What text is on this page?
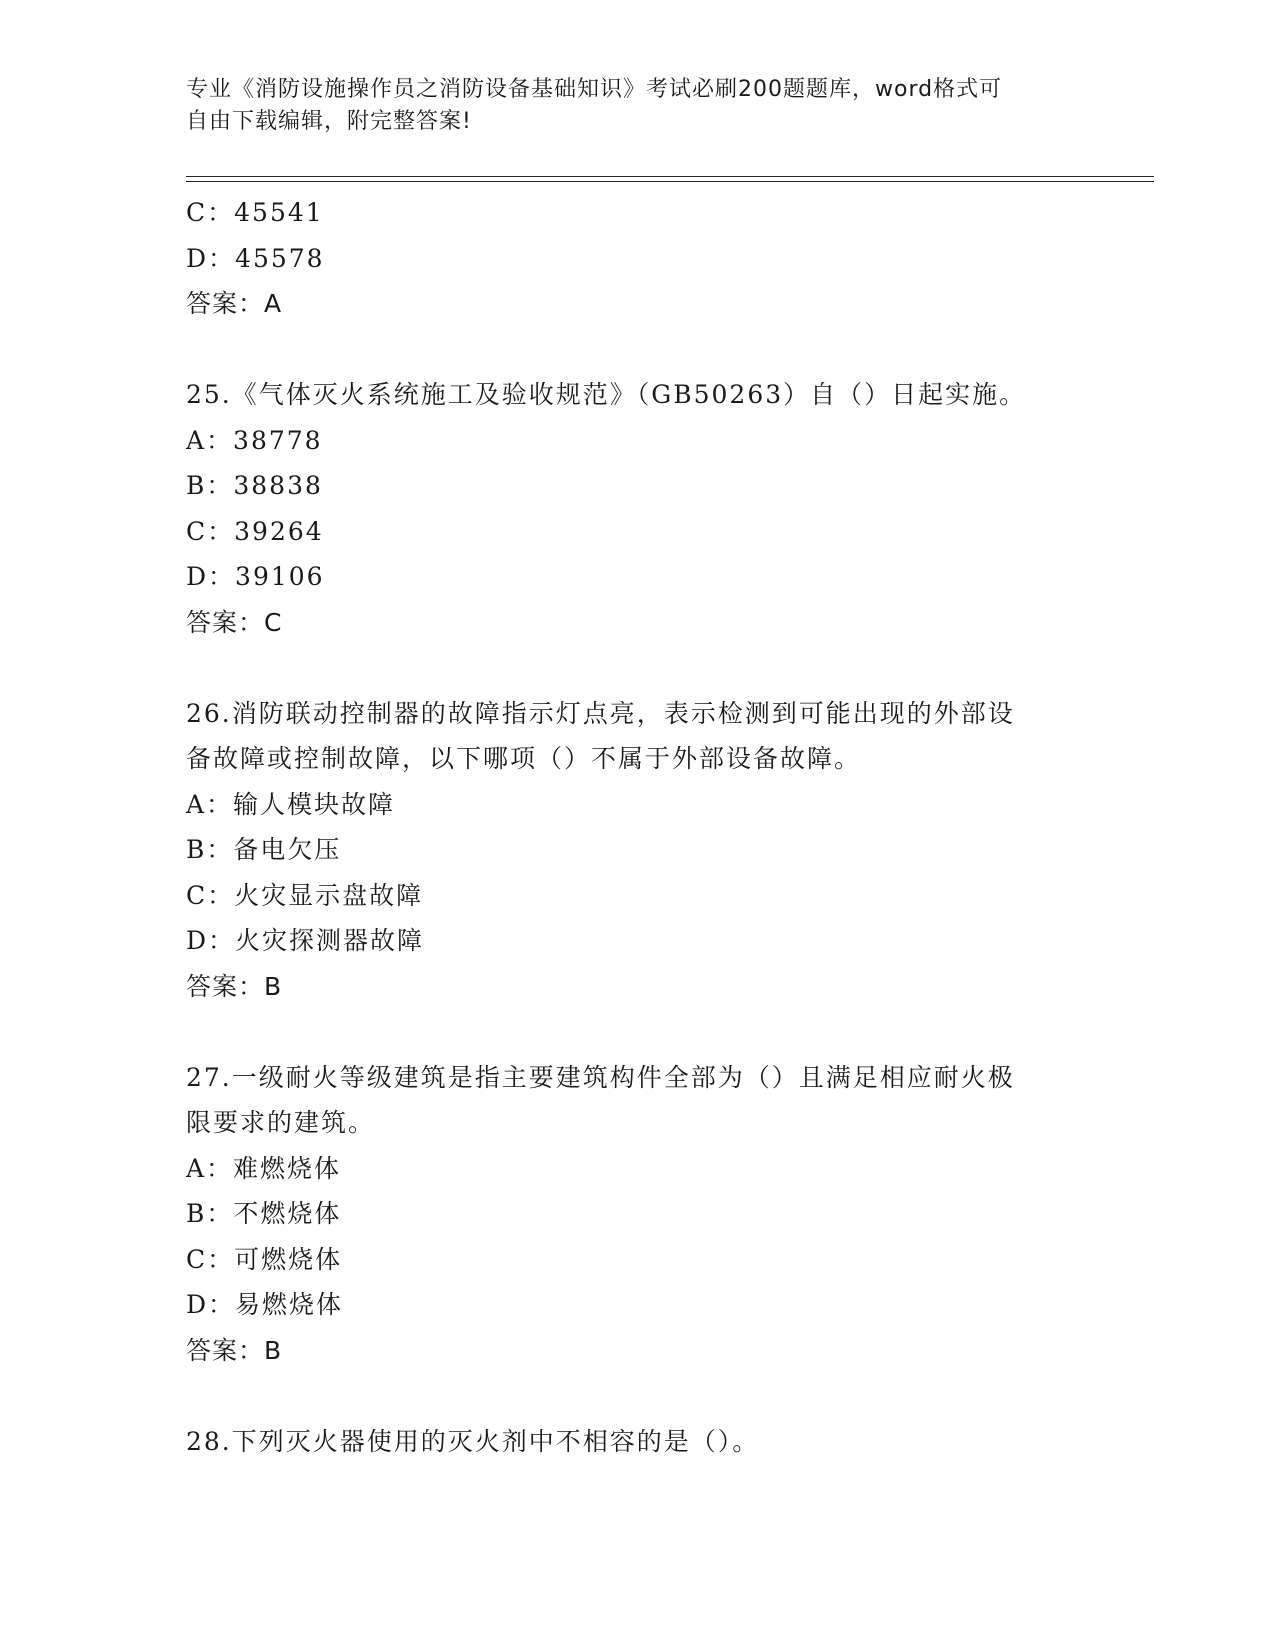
专业《消防设施操作员之消防设备基础知识》考试必刷200题题库，word格式可
自由下载编辑，附完整答案!
C：45541
D：45578
答案：A
25.《气体灭火系统施工及验收规范》（GB50263）自（）日起实施。
A：38778
B：38838
C：39264
D：39106
答案：C
26.消防联动控制器的故障指示灯点亮，表示检测到可能出现的外部设
备故障或控制故障，以下哪项（）不属于外部设备故障。
A：输人模块故障
B：备电欠压
C：火灾显示盘故障
D：火灾探测器故障
答案：B
27.一级耐火等级建筑是指主要建筑构件全部为（）且满足相应耐火极
限要求的建筑。
A：难燃烧体
B：不燃烧体
C：可燃烧体
D：易燃烧体
答案：B
28.下列灭火器使用的灭火剂中不相容的是（）。
